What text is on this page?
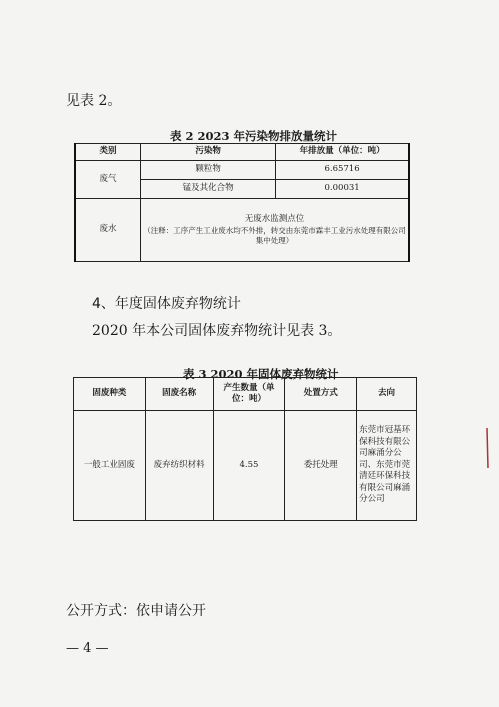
见表 2。
表 2 2023 年污染物排放量统计
类别	污染物	年排放量（单位：吨）
废气	颗粒物	6.65716
	锰及其化合物	0.00031
废水	无废水监测点位
（注释：工序产生工业废水均不外排，转交由东莞市霖丰工业污水处理有限公司集中处理）	
4、年度固体废弃物统计
2020 年本公司固体废弃物统计见表 3。
表 3 2020 年固体废弃物统计
固废种类	固废名称	产生数量（单位：吨）	处置方式	去向
一般工业固废	废弃纺织材料	4.55	委托处理	东莞市冠基环保科技有限公司麻涌分公司、东莞市莞清廷环保科技有限公司麻涌分公司
公开方式：依申请公开
— 4 —
